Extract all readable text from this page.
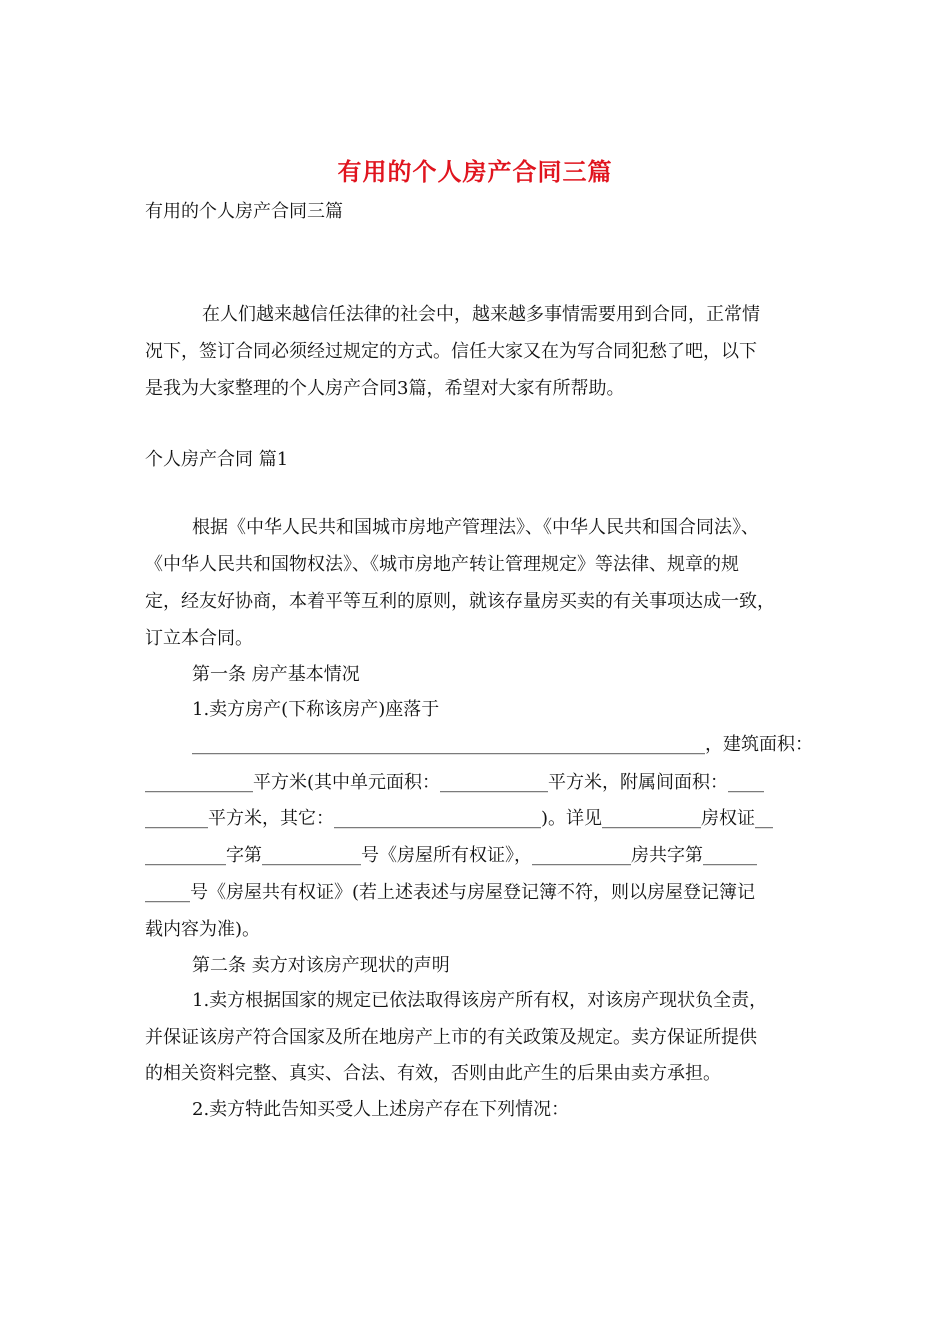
有用的个人房产合同三篇
有用的个人房产合同三篇
在人们越来越信任法律的社会中，越来越多事情需要用到合同，正常情
况下，签订合同必须经过规定的方式。信任大家又在为写合同犯愁了吧，以下
是我为大家整理的个人房产合同3篇，希望对大家有所帮助。
个人房产合同 篇1
根据《中华人民共和国城市房地产管理法》、《中华人民共和国合同法》、
《中华人民共和国物权法》、《城市房地产转让管理规定》等法律、规章的规
定，经友好协商，本着平等互利的原则，就该存量房买卖的有关事项达成一致，
订立本合同。
第一条 房产基本情况
1.卖方房产(下称该房产)座落于
_________________________________________________________，建筑面积：
____________平方米(其中单元面积：____________平方米，附属间面积：____
_______平方米，其它：_______________________)。详见___________房权证__
_________字第___________号《房屋所有权证》，___________房共字第______
_____号《房屋共有权证》(若上述表述与房屋登记簿不符，则以房屋登记簿记
载内容为准)。
第二条 卖方对该房产现状的声明
1.卖方根据国家的规定已依法取得该房产所有权，对该房产现状负全责，
并保证该房产符合国家及所在地房产上市的有关政策及规定。卖方保证所提供
的相关资料完整、真实、合法、有效，否则由此产生的后果由卖方承担。
2.卖方特此告知买受人上述房产存在下列情况：
